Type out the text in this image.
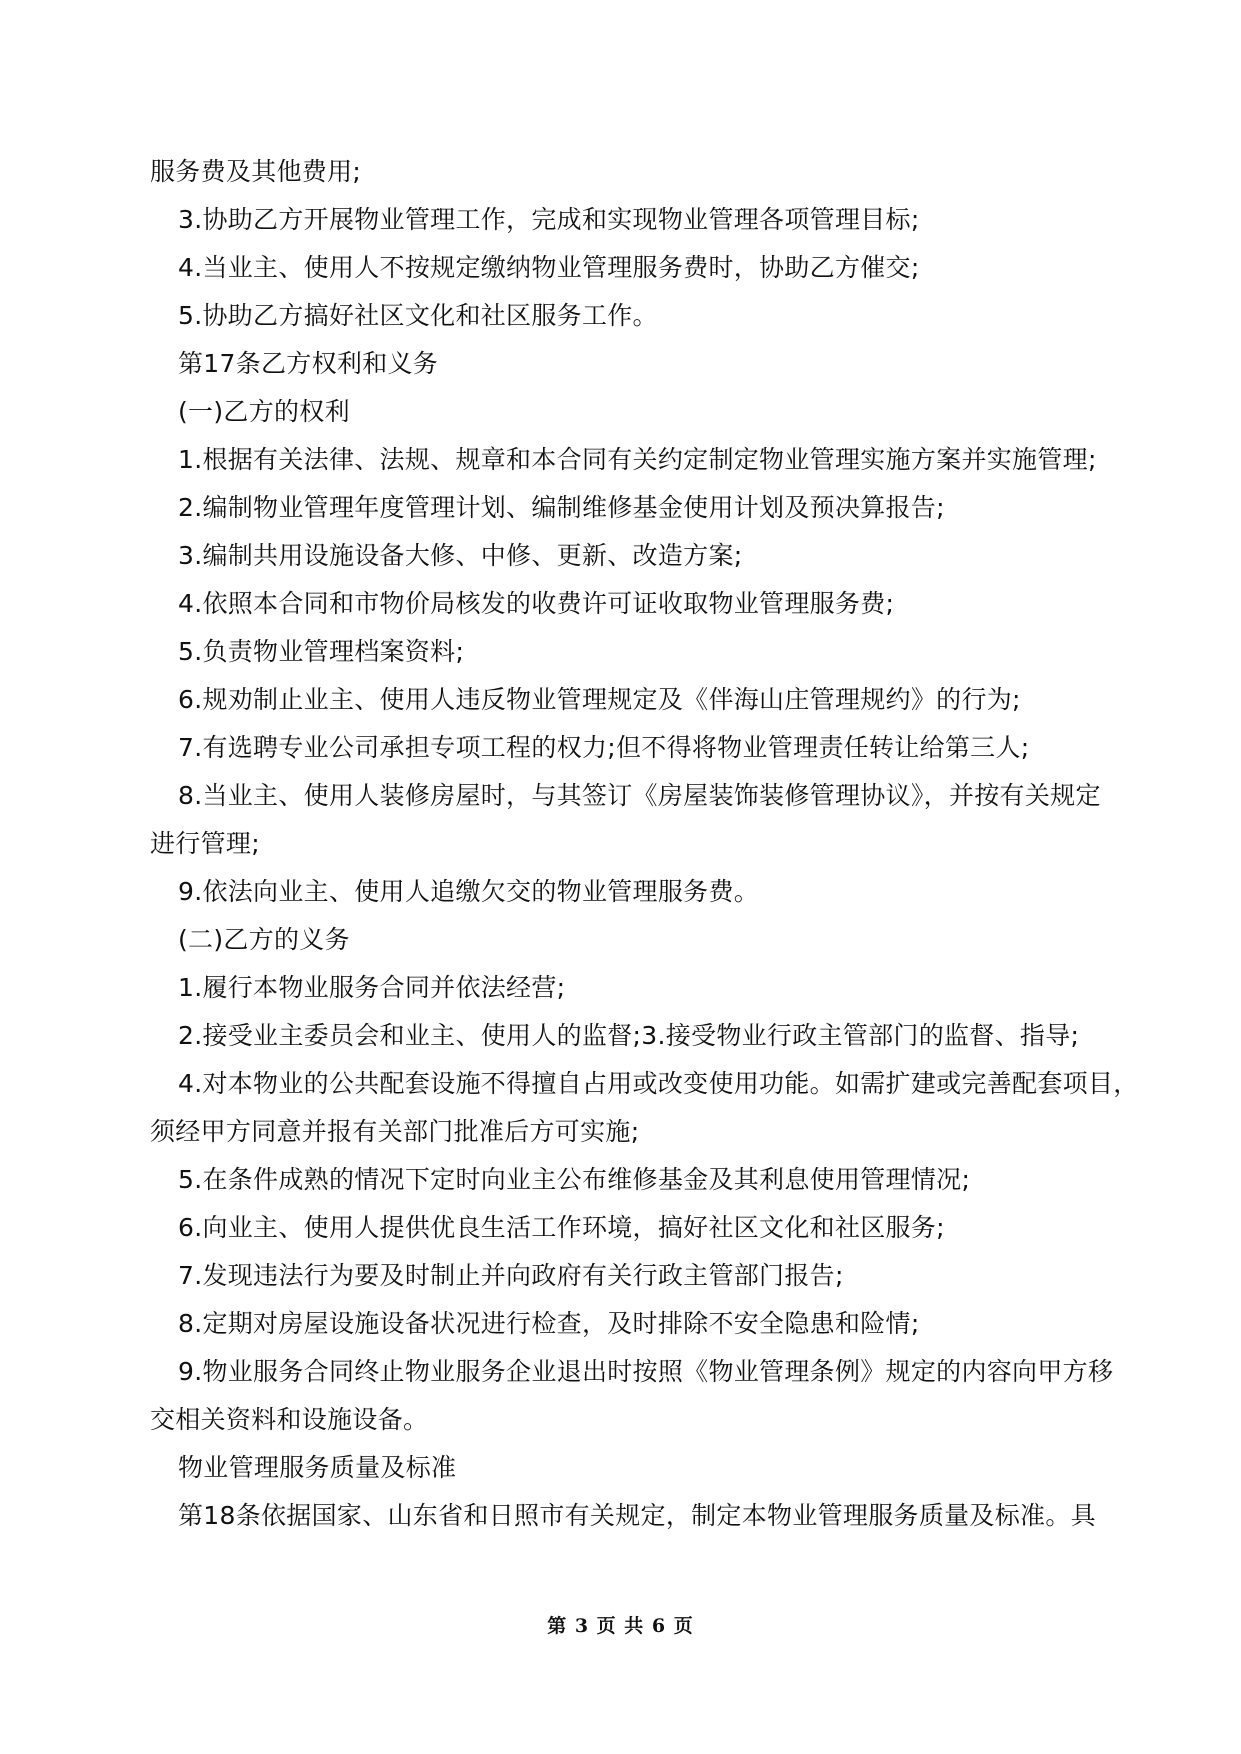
服务费及其他费用;
3.协助乙方开展物业管理工作，完成和实现物业管理各项管理目标;
4.当业主、使用人不按规定缴纳物业管理服务费时，协助乙方催交;
5.协助乙方搞好社区文化和社区服务工作。
第17条乙方权利和义务
(一)乙方的权利
1.根据有关法律、法规、规章和本合同有关约定制定物业管理实施方案并实施管理;
2.编制物业管理年度管理计划、编制维修基金使用计划及预决算报告;
3.编制共用设施设备大修、中修、更新、改造方案;
4.依照本合同和市物价局核发的收费许可证收取物业管理服务费;
5.负责物业管理档案资料;
6.规劝制止业主、使用人违反物业管理规定及《伴海山庄管理规约》的行为;
7.有选聘专业公司承担专项工程的权力;但不得将物业管理责任转让给第三人;
8.当业主、使用人装修房屋时，与其签订《房屋装饰装修管理协议》，并按有关规定
进行管理;
9.依法向业主、使用人追缴欠交的物业管理服务费。
(二)乙方的义务
1.履行本物业服务合同并依法经营;
2.接受业主委员会和业主、使用人的监督;3.接受物业行政主管部门的监督、指导;
4.对本物业的公共配套设施不得擅自占用或改变使用功能。如需扩建或完善配套项目，
须经甲方同意并报有关部门批准后方可实施;
5.在条件成熟的情况下定时向业主公布维修基金及其利息使用管理情况;
6.向业主、使用人提供优良生活工作环境，搞好社区文化和社区服务;
7.发现违法行为要及时制止并向政府有关行政主管部门报告;
8.定期对房屋设施设备状况进行检查，及时排除不安全隐患和险情;
9.物业服务合同终止物业服务企业退出时按照《物业管理条例》规定的内容向甲方移
交相关资料和设施设备。
物业管理服务质量及标准
第18条依据国家、山东省和日照市有关规定，制定本物业管理服务质量及标准。具
第 3 页 共 6 页
